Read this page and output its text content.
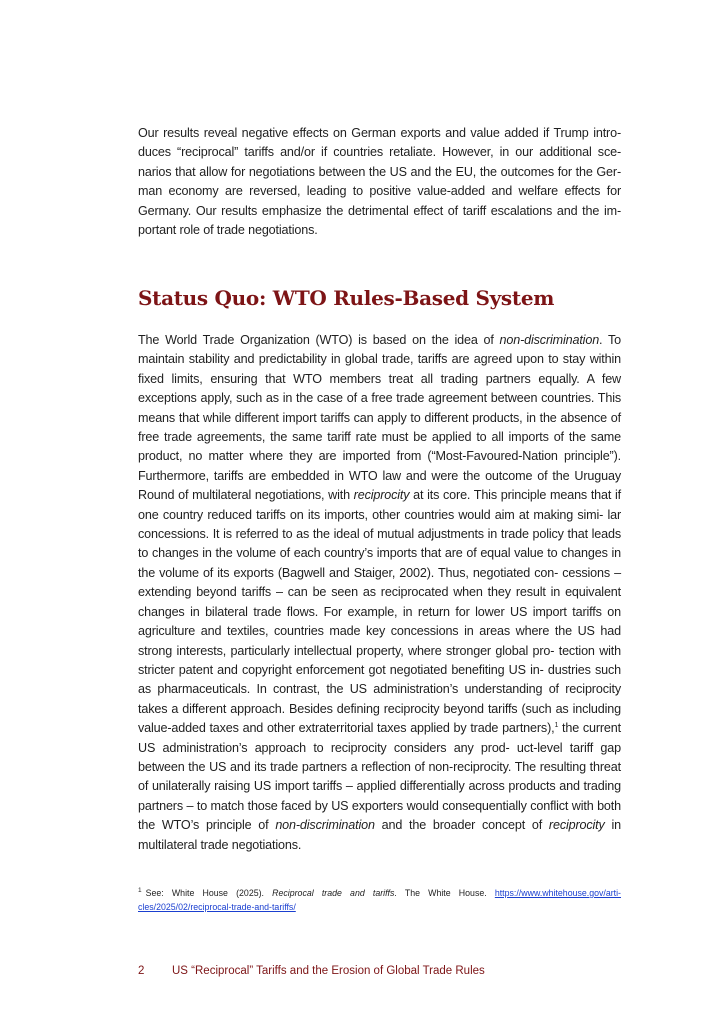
Our results reveal negative effects on German exports and value added if Trump intro- duces “reciprocal” tariffs and/or if countries retaliate. However, in our additional sce- narios that allow for negotiations between the US and the EU, the outcomes for the Ger- man economy are reversed, leading to positive value-added and welfare effects for Germany. Our results emphasize the detrimental effect of tariff escalations and the im- portant role of trade negotiations.

Status Quo: WTO Rules-Based System

The World Trade Organization (WTO) is based on the idea of non-discrimination. To maintain stability and predictability in global trade, tariffs are agreed upon to stay within fixed limits, ensuring that WTO members treat all trading partners equally. A few exceptions apply, such as in the case of a free trade agreement between countries. This means that while different import tariffs can apply to different products, in the absence of free trade agreements, the same tariff rate must be applied to all imports of the same product, no matter where they are imported from (“Most-Favoured-Nation principle”). Furthermore, tariffs are embedded in WTO law and were the outcome of the Uruguay Round of multilateral negotiations, with reciprocity at its core. This principle means that if one country reduced tariffs on its imports, other countries would aim at making simi- lar concessions. It is referred to as the ideal of mutual adjustments in trade policy that leads to changes in the volume of each country’s imports that are of equal value to changes in the volume of its exports (Bagwell and Staiger, 2002). Thus, negotiated con- cessions – extending beyond tariffs – can be seen as reciprocated when they result in equivalent changes in bilateral trade flows. For example, in return for lower US import tariffs on agriculture and textiles, countries made key concessions in areas where the US had strong interests, particularly intellectual property, where stronger global pro- tection with stricter patent and copyright enforcement got negotiated benefiting US in- dustries such as pharmaceuticals. In contrast, the US administration’s understanding of reciprocity takes a different approach. Besides defining reciprocity beyond tariffs (such as including value-added taxes and other extraterritorial taxes applied by trade partners),$^1$ the current US administration’s approach to reciprocity considers any prod- uct-level tariff gap between the US and its trade partners a reflection of non-reciprocity. The resulting threat of unilaterally raising US import tariffs – applied differentially across products and trading partners – to match those faced by US exporters would consequentially conflict with both the WTO’s principle of non-discrimination and the broader concept of reciprocity in multilateral trade negotiations.

$^1$ See: White House (2025). Reciprocal trade and tariffs. The White House. https://www.whitehouse.gov/arti-cles/2025/02/reciprocal-trade-and-tariffs/

2 US “Reciprocal” Tariffs and the Erosion of Global Trade Rules
